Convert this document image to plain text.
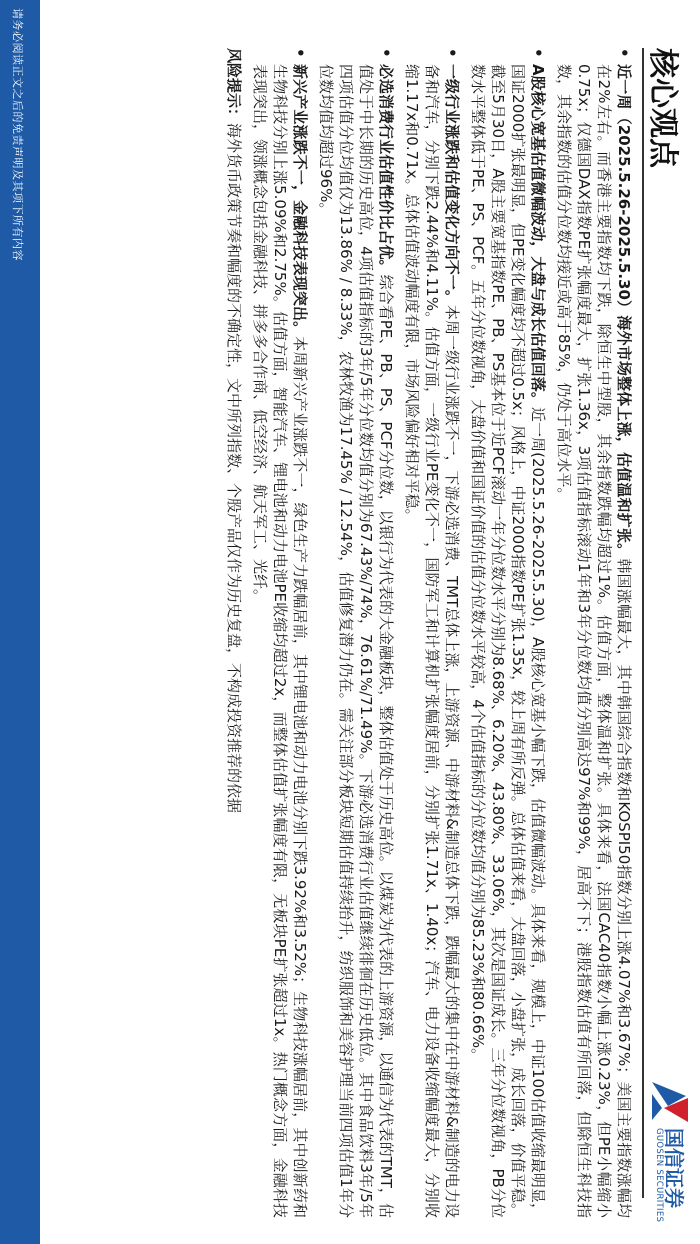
核心观点
国信证券
GUOSEN SECURITIES
•
近一周（2025.5.26-2025.5.30）海外市场整体上涨，估值温和扩张。韩国涨幅最大，其中韩国综合指数和KOSPI50指数分别上涨4.07%和3.67%；美国主要指数涨幅均在2%左右。而香港主要指数均下跌，除恒生中型股，其余指数跌幅均超过1%。估值方面，整体温和扩张。具体来看，法国CAC40指数小幅上涨0.23%，但PE小幅缩小0.75x；仅德国DAX指数PE扩张幅度最大，扩张1.36x，3项估值指标滚动1年和3年分位数均值分别高达97%和99%，居高不下；港股指数估值有所回落，但除恒生科技指数，其余指数的估值分位数均接近或高于85%，仍处于高位水平。
•
A股核心宽基估值微幅波动，大盘与成长估值回落。近一周(2025.5.26-2025.5.30)，A股核心宽基小幅下跌，估值微幅波动。具体来看，规模上，中证100估值收缩最明显，国证2000扩张最明显，但PE变化幅度均不超过0.5x；风格上，中证2000指数PE扩张1.35x，较上周有所反弹。总体估值来看，大盘回落，小盘扩张，成长回落，价值平稳。截至5月30日，A股主要宽基指数PE、PB、PS基本位于近PCF滚动一年分位数水平分别为8.68%、6.20%、43.80%、33.06%，其次是国证成长。三年分位数视角，PB分位数水平整体低于PE、PS、PCF。五年分位数视角，大盘价值和国证价值的估值分位数水平较高，4个估值指标的分位数均值分别为85.23%和80.66%。
•
一级行业涨跌和估值变化方向不一。本周一级行业涨跌不一，下游必选消费、TMT总体上涨，上游资源、中游材料&制造总体下跌，跌幅最大的集中在中游材料&制造的电力设备和汽车，分别下跌2.44%和4.11%。估值方面，一级行业PE变化不一，国防军工和计算机扩张幅度居前，分别扩张1.71x、1.40x；汽车、电力设备收缩幅度最大，分别收缩1.17x和0.71x。总体估值波动幅度有限，市场风险偏好相对平稳。
•
必选消费行业估值性价比占优。综合看PE、PB、PS、PCF分位数，以银行为代表的大金融板块，整体估值处于历史高位。以煤炭为代表的上游资源，以通信为代表的TMT，估值处于中长期的历史高位，4项估值指标的3年/5年分位数均值分别为67.43%/74%，76.61%/71.49%。下游必选消费行业估值继续徘徊在历史低位。其中食品饮料3年/5年四项估值分位均值仅为13.86% / 8.33%，农林牧渔为17.45% / 12.54%，估值修复潜力仍在。需关注部分板块短期估值持续抬升，纺织服饰和美容护理当前四项估值1年分位数均值均超过96%。
•
新兴产业涨跌不一，金融科技表现突出。本周新兴产业涨跌不一，绿色生产力跌幅居前，其中锂电池和动力电池分别下跌3.92%和3.52%；生物科技涨幅居前，其中创新药和生物科技分别上涨5.09%和2.75%。估值方面，智能汽车、锂电池和动力电池PE收缩均超过2x，而整体估值扩张幅度有限，无板块PE扩张超过1x。热门概念方面，金融科技表现突出，领涨概念包括金融科技、拼多多合作商、低空经济、航天军工、光纤。
风险提示：海外货币政策节奏和幅度的不确定性，文中所列指数、个股产品仅作为历史复盘，不构成投资推荐的依据
请务必阅读正文之后的免责声明及其项下所有内容
